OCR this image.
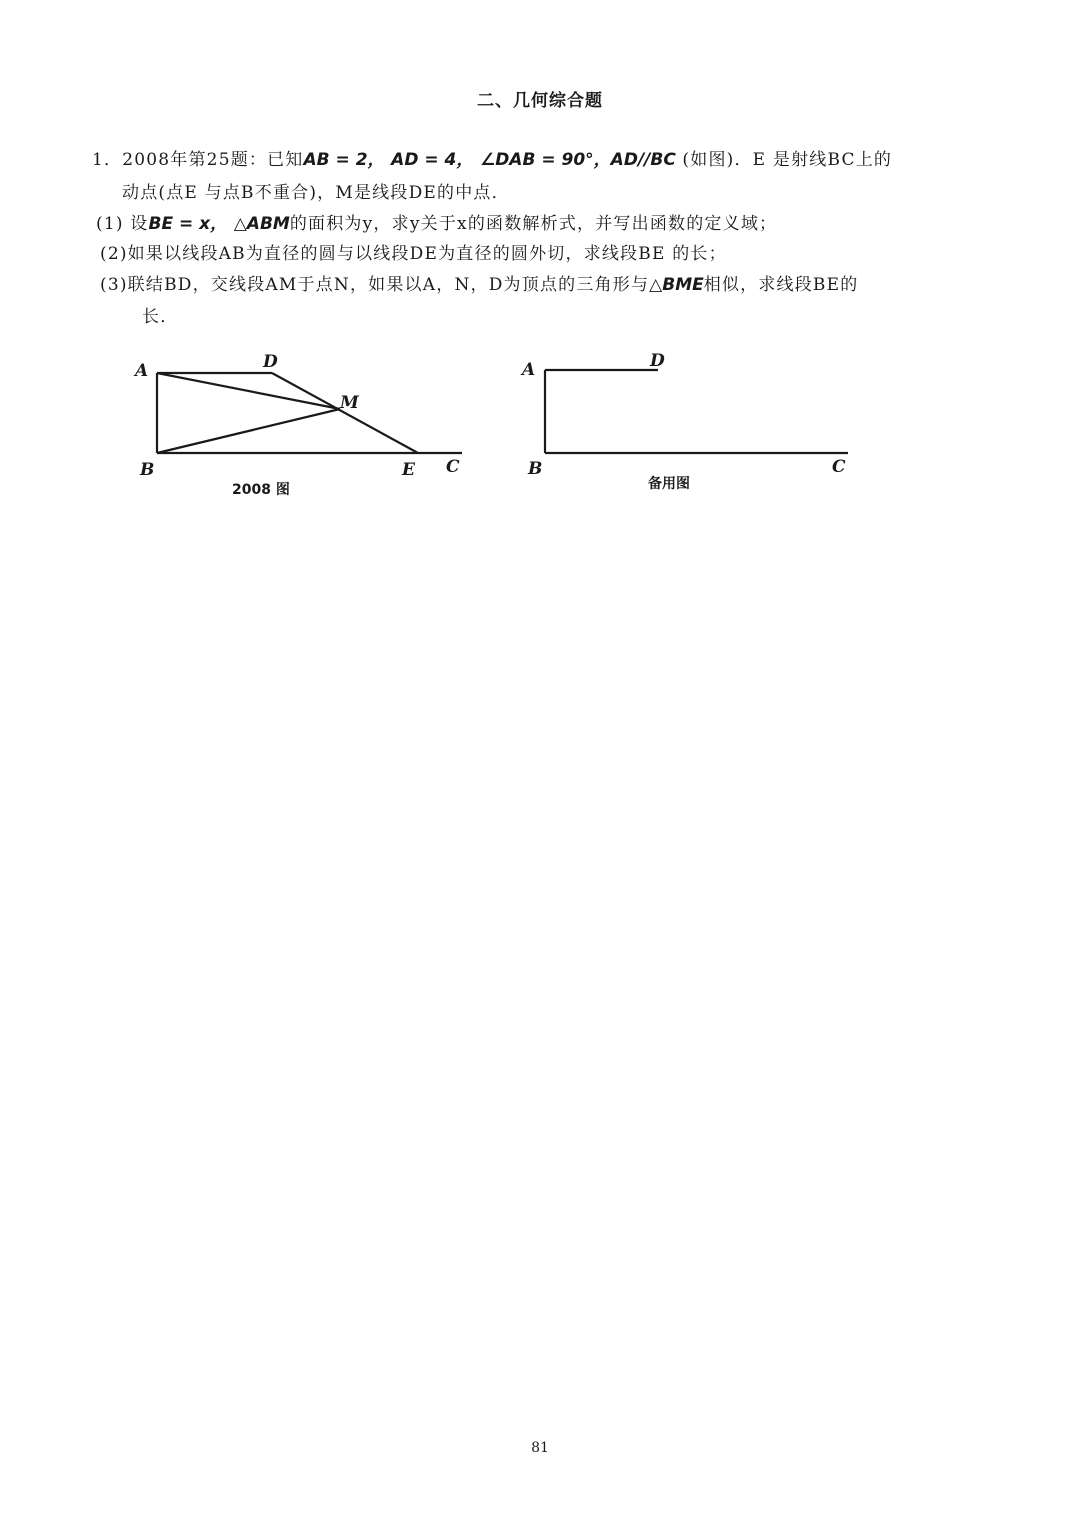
二、几何综合题
1．2008年第25题：已知AB = 2， AD = 4， ∠DAB = 90°，AD//BC (如图)．E 是射线BC上的
动点(点E 与点B不重合)，M是线段DE的中点．
(1) 设BE = x， △ABM的面积为y，求y关于x的函数解析式，并写出函数的定义域；
(2)如果以线段AB为直径的圆与以线段DE为直径的圆外切，求线段BE 的长；
(3)联结BD，交线段AM于点N，如果以A，N，D为顶点的三角形与△BME相似，求线段BE的
长．
A
B
D
M
E C
2008 图
A
B
D
C
备用图
81
